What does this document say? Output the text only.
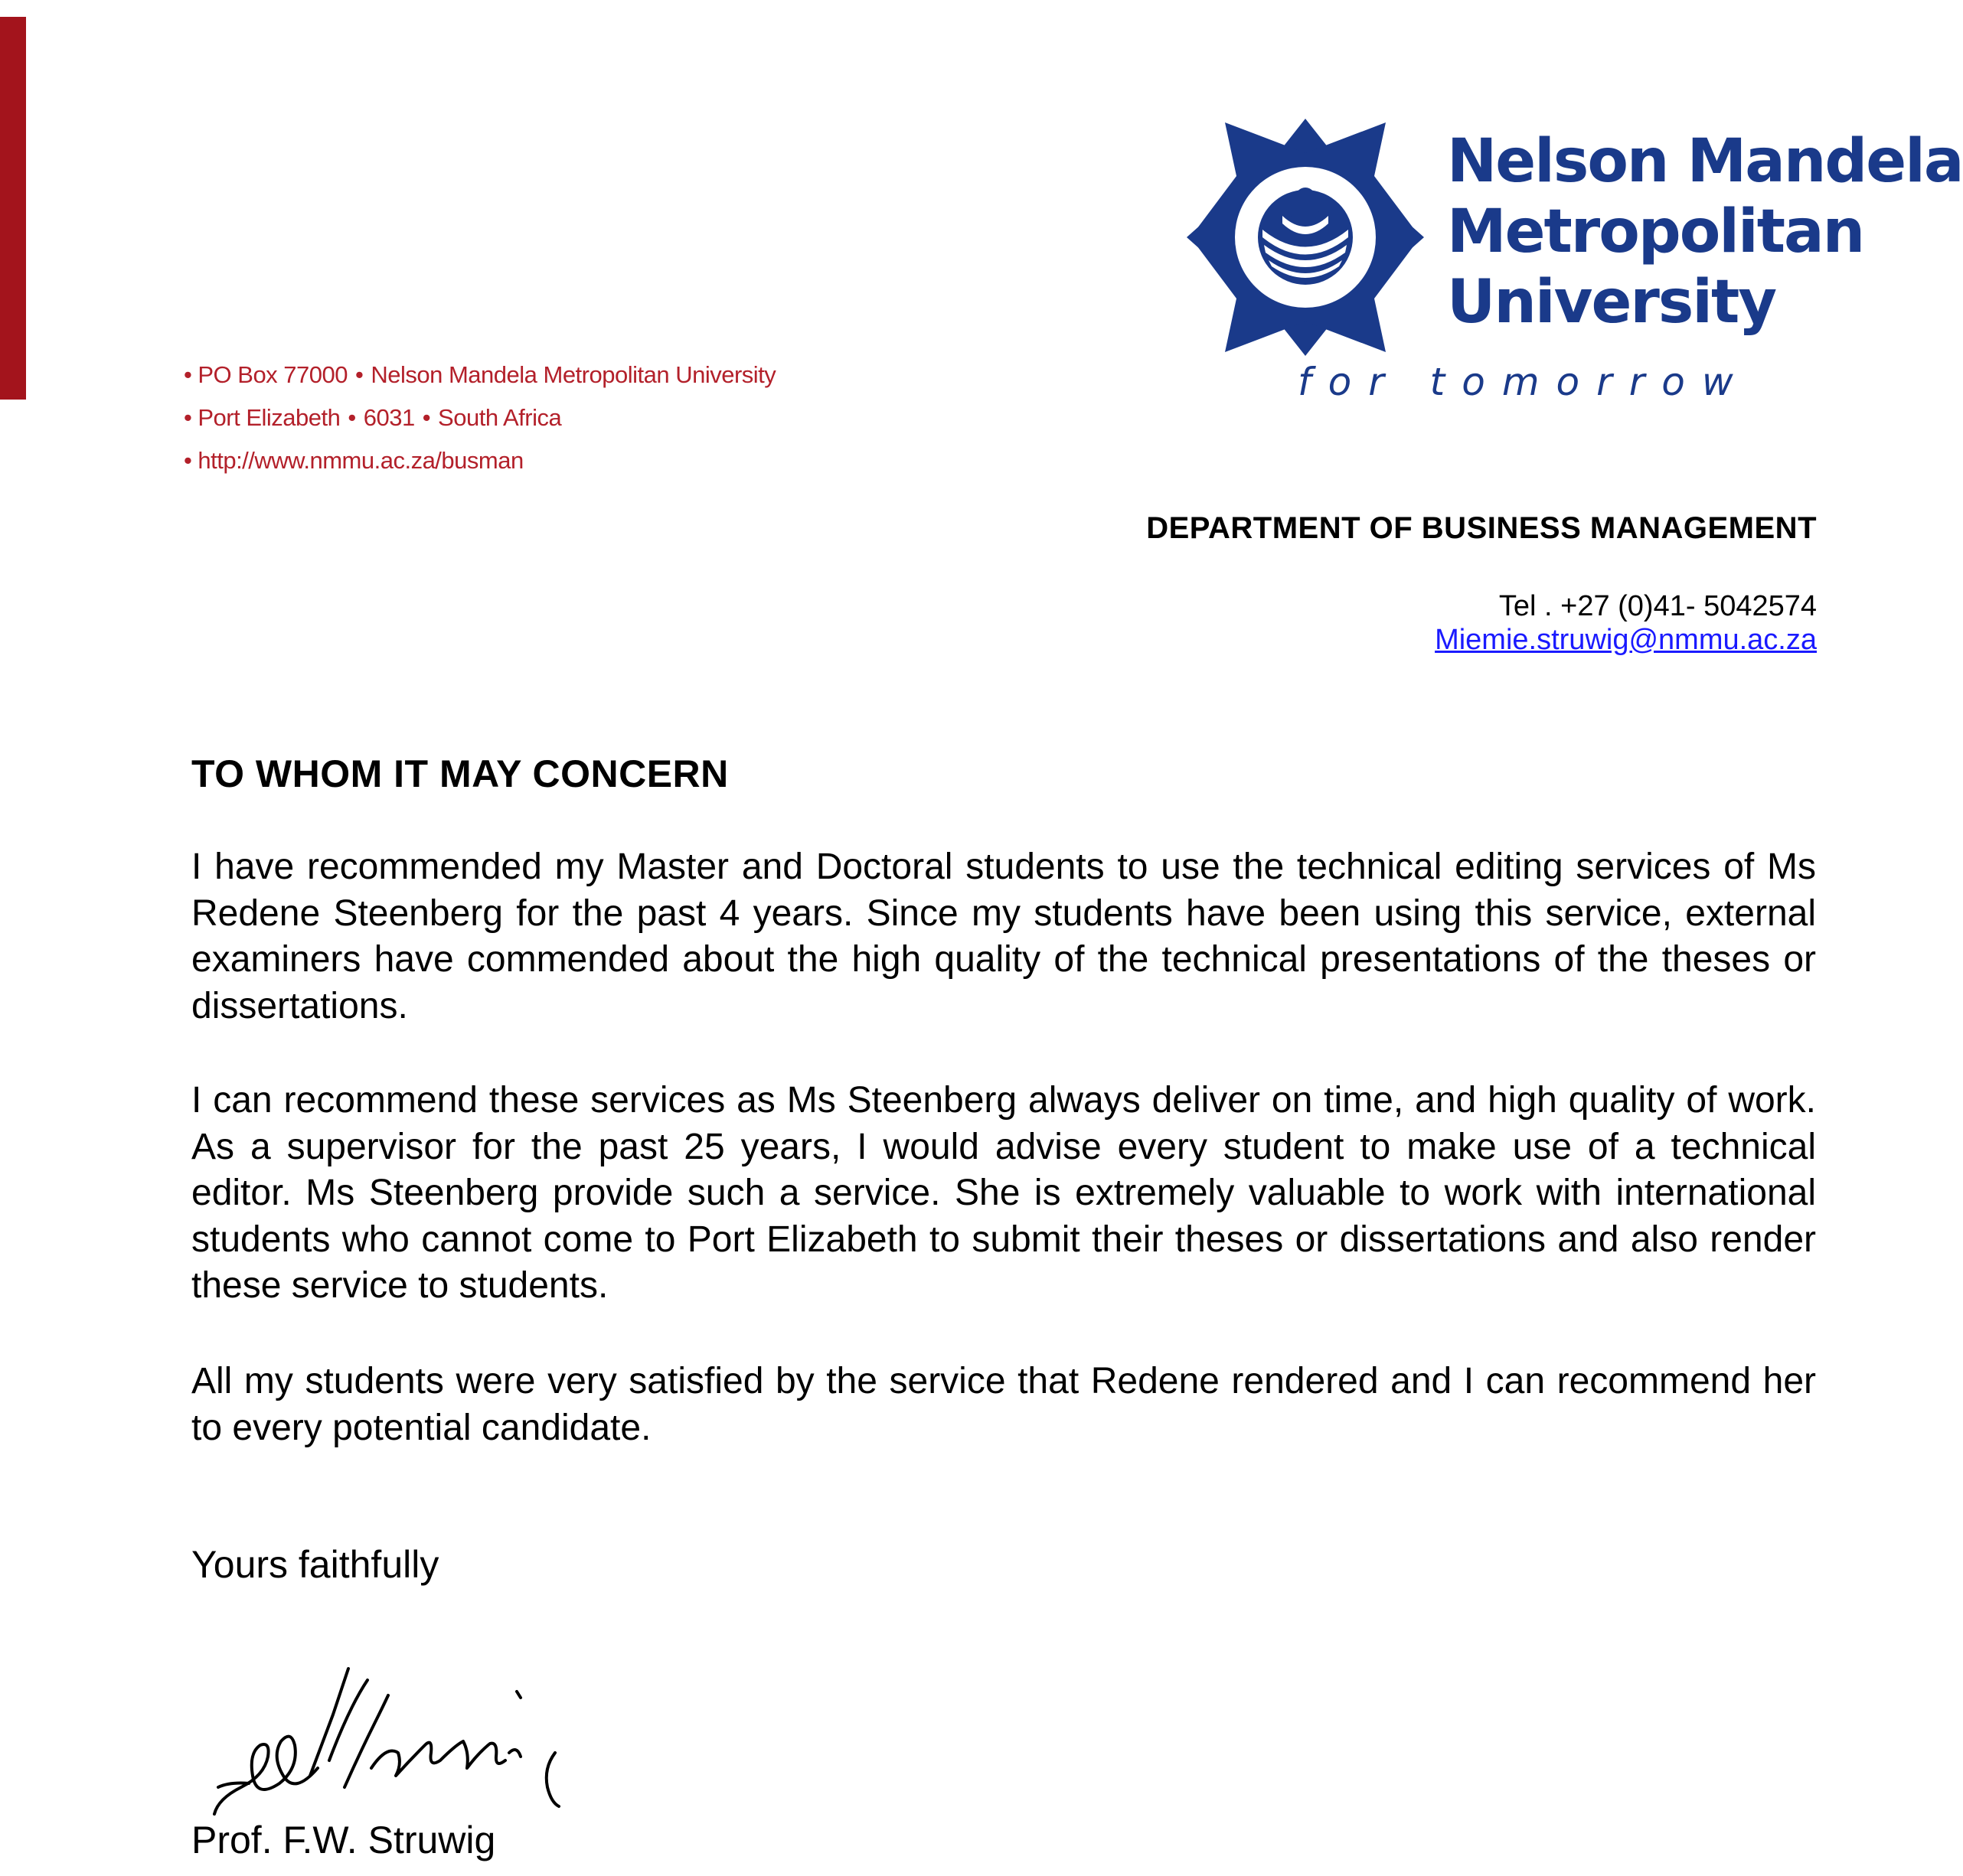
• PO Box 77000 • Nelson Mandela Metropolitan University
• Port Elizabeth • 6031 • South Africa
• http://www.nmmu.ac.za/busman
Nelson Mandela
Metropolitan
University
for tomorrow
DEPARTMENT OF BUSINESS MANAGEMENT
Tel . +27 (0)41- 5042574
Miemie.struwig@nmmu.ac.za
TO WHOM IT MAY CONCERN
I have recommended my Master and Doctoral students to use the technical editing services of Ms Redene Steenberg for the past 4 years. Since my students have been using this service, external examiners have commended about the high quality of the technical presentations of the theses or dissertations.
I can recommend these services as Ms Steenberg always deliver on time, and high quality of work. As a supervisor for the past 25 years, I would advise every student to make use of a technical editor. Ms Steenberg provide such a service. She is extremely valuable to work with international students who cannot come to Port Elizabeth to submit their theses or dissertations and also render these service to students.
All my students were very satisfied by the service that Redene rendered and I can recommend her to every potential candidate.
Yours faithfully
Prof. F.W. Struwig
